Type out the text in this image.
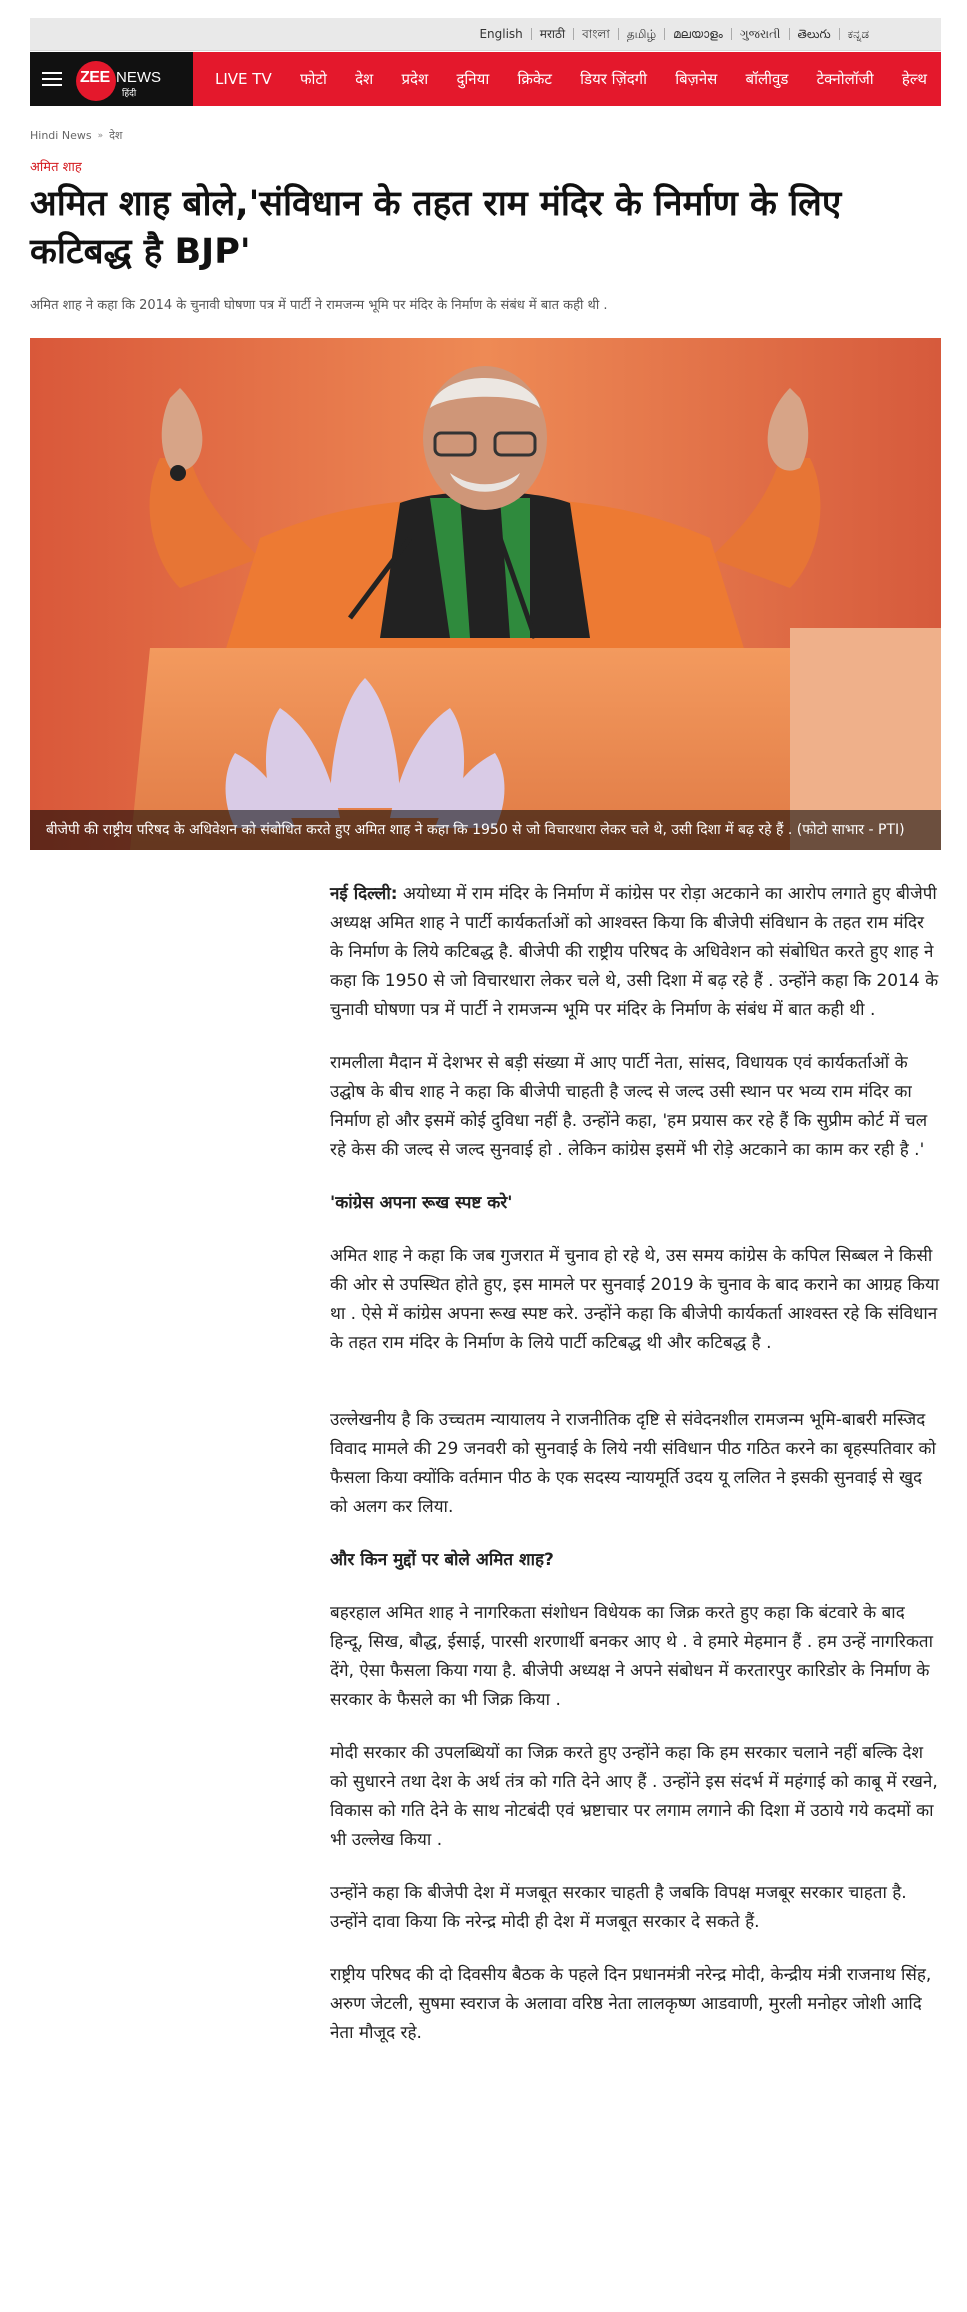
English	मराठी	বাংলা	தமிழ்	മലയാളം	ગુજરાતી	తెలుగు	ಕನ್ನಡ
ZEE NEWS
हिंदी
LIVE TV फोटो देश प्रदेश दुनिया क्रिकेट डियर ज़िंदगी बिज़नेस बॉलीवुड टेक्नोलॉजी हेल्थ
Hindi News » देश
अमित शाह
अमित शाह बोले,'संविधान के तहत राम मंदिर के निर्माण के लिए कटिबद्ध है BJP'
अमित शाह ने कहा कि 2014 के चुनावी घोषणा पत्र में पार्टी ने रामजन्म भूमि पर मंदिर के निर्माण के संबंध में बात कही थी .
बीजेपी की राष्ट्रीय परिषद के अधिवेशन को संबोधित करते हुए अमित शाह ने कहा कि 1950 से जो विचारधारा लेकर चले थे, उसी दिशा में बढ़ रहे हैं . (फोटो साभार - PTI)

नई दिल्ली: अयोध्या में राम मंदिर के निर्माण में कांग्रेस पर रोड़ा अटकाने का आरोप लगाते हुए बीजेपी अध्यक्ष अमित शाह ने पार्टी कार्यकर्ताओं को आश्वस्त किया कि बीजेपी संविधान के तहत राम मंदिर के निर्माण के लिये कटिबद्ध है. बीजेपी की राष्ट्रीय परिषद के अधिवेशन को संबोधित करते हुए शाह ने कहा कि 1950 से जो विचारधारा लेकर चले थे, उसी दिशा में बढ़ रहे हैं . उन्होंने कहा कि 2014 के चुनावी घोषणा पत्र में पार्टी ने रामजन्म भूमि पर मंदिर के निर्माण के संबंध में बात कही थी .

रामलीला मैदान में देशभर से बड़ी संख्या में आए पार्टी नेता, सांसद, विधायक एवं कार्यकर्ताओं के उद्घोष के बीच शाह ने कहा कि बीजेपी चाहती है जल्द से जल्द उसी स्थान पर भव्य राम मंदिर का निर्माण हो और इसमें कोई दुविधा नहीं है. उन्होंने कहा, 'हम प्रयास कर रहे हैं कि सुप्रीम कोर्ट में चल रहे केस की जल्द से जल्द सुनवाई हो . लेकिन कांग्रेस इसमें भी रोड़े अटकाने का काम कर रही है .'

'कांग्रेस अपना रूख स्पष्ट करे'

अमित शाह ने कहा कि जब गुजरात में चुनाव हो रहे थे, उस समय कांग्रेस के कपिल सिब्बल ने किसी की ओर से उपस्थित होते हुए, इस मामले पर सुनवाई 2019 के चुनाव के बाद कराने का आग्रह किया था . ऐसे में कांग्रेस अपना रूख स्पष्ट करे. उन्होंने कहा कि बीजेपी कार्यकर्ता आश्वस्त रहे कि संविधान के तहत राम मंदिर के निर्माण के लिये पार्टी कटिबद्ध थी और कटिबद्ध है .

उल्लेखनीय है कि उच्चतम न्यायालय ने राजनीतिक दृष्टि से संवेदनशील रामजन्म भूमि-बाबरी मस्जिद विवाद मामले की 29 जनवरी को सुनवाई के लिये नयी संविधान पीठ गठित करने का बृहस्पतिवार को फैसला किया क्योंकि वर्तमान पीठ के एक सदस्य न्यायमूर्ति उदय यू ललित ने इसकी सुनवाई से खुद को अलग कर लिया.

और किन मुद्दों पर बोले अमित शाह?

बहरहाल अमित शाह ने नागरिकता संशोधन विधेयक का जिक्र करते हुए कहा कि बंटवारे के बाद हिन्दू, सिख, बौद्ध, ईसाई, पारसी शरणार्थी बनकर आए थे . वे हमारे मेहमान हैं . हम उन्हें नागरिकता देंगे, ऐसा फैसला किया गया है. बीजेपी अध्यक्ष ने अपने संबोधन में करतारपुर कारिडोर के निर्माण के सरकार के फैसले का भी जिक्र किया .

मोदी सरकार की उपलब्धियों का जिक्र करते हुए उन्होंने कहा कि हम सरकार चलाने नहीं बल्कि देश को सुधारने तथा देश के अर्थ तंत्र को गति देने आए हैं . उन्होंने इस संदर्भ में महंगाई को काबू में रखने, विकास को गति देने के साथ नोटबंदी एवं भ्रष्टाचार पर लगाम लगाने की दिशा में उठाये गये कदमों का भी उल्लेख किया .

उन्होंने कहा कि बीजेपी देश में मजबूत सरकार चाहती है जबकि विपक्ष मजबूर सरकार चाहता है. उन्होंने दावा किया कि नरेन्द्र मोदी ही देश में मजबूत सरकार दे सकते हैं.

राष्ट्रीय परिषद की दो दिवसीय बैठक के पहले दिन प्रधानमंत्री नरेन्द्र मोदी, केन्द्रीय मंत्री राजनाथ सिंह, अरुण जेटली, सुषमा स्वराज के अलावा वरिष्ठ नेता लालकृष्ण आडवाणी, मुरली मनोहर जोशी आदि नेता मौजूद रहे.
